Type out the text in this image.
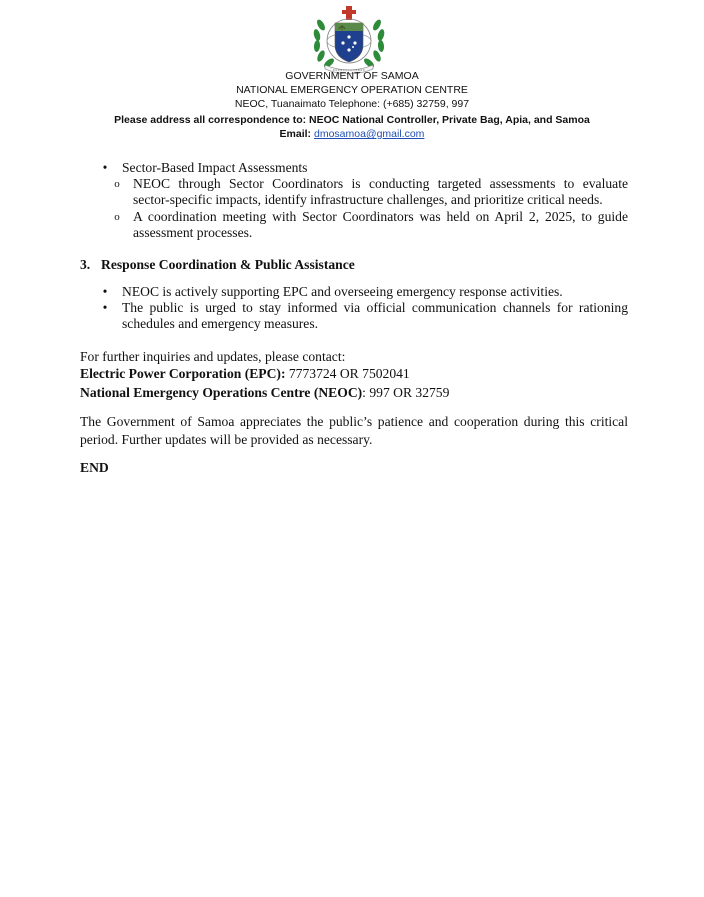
GOVERNMENT OF SAMOA
NATIONAL EMERGENCY OPERATION CENTRE
NEOC, Tuanaimato Telephone: (+685) 32759, 997
Please address all correspondence to: NEOC National Controller, Private Bag, Apia, and Samoa
Email: dmosamoa@gmail.com
• Sector-Based Impact Assessments
o NEOC through Sector Coordinators is conducting targeted assessments to evaluate
sector-specific impacts, identify infrastructure challenges, and prioritize critical needs.
o A coordination meeting with Sector Coordinators was held on April 2, 2025, to guide
assessment processes.
3. Response Coordination & Public Assistance
• NEOC is actively supporting EPC and overseeing emergency response activities.
• The public is urged to stay informed via official communication channels for rationing
schedules and emergency measures.
For further inquiries and updates, please contact:
Electric Power Corporation (EPC): 7773724 OR 7502041
National Emergency Operations Centre (NEOC): 997 OR 32759
The Government of Samoa appreciates the public’s patience and cooperation during this critical
period. Further updates will be provided as necessary.
END
